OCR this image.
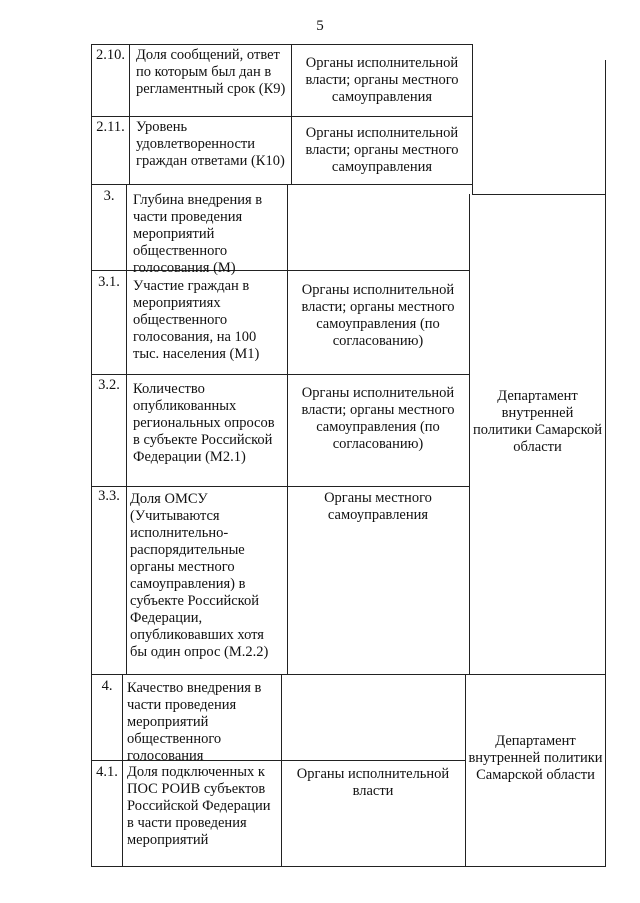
5
2.10. Доля сообщений, ответ по которым был дан в регламентный срок (К9)
Органы исполнительной власти; органы местного самоуправления
2.11. Уровень удовлетворенности граждан ответами (К10)
Органы исполнительной власти; органы местного самоуправления
3.	Глубина внедрения в части проведения мероприятий общественного голосования (М)
3.1. Участие граждан в мероприятиях общественного голосования, на 100 тыс. населения (М1)
Органы исполнительной власти; органы местного самоуправления (по согласованию)
3.2. Количество опубликованных региональных опросов в субъекте Российской Федерации (М2.1)
Органы исполнительной власти; органы местного самоуправления (по согласованию)
3.3. Доля ОМСУ (Учитываются исполнительно-распорядительные органы местного самоуправления) в субъекте Российской Федерации, опубликовавших хотя бы один опрос (М.2.2)
Органы местного самоуправления
4.	Качество внедрения в части проведения мероприятий общественного голосования
4.1. Доля подключенных к ПОС РОИВ субъектов Российской Федерации в части проведения мероприятий
Органы исполнительной власти
Департамент внутренней политики Самарской области
Департамент внутренней политики Самарской области
